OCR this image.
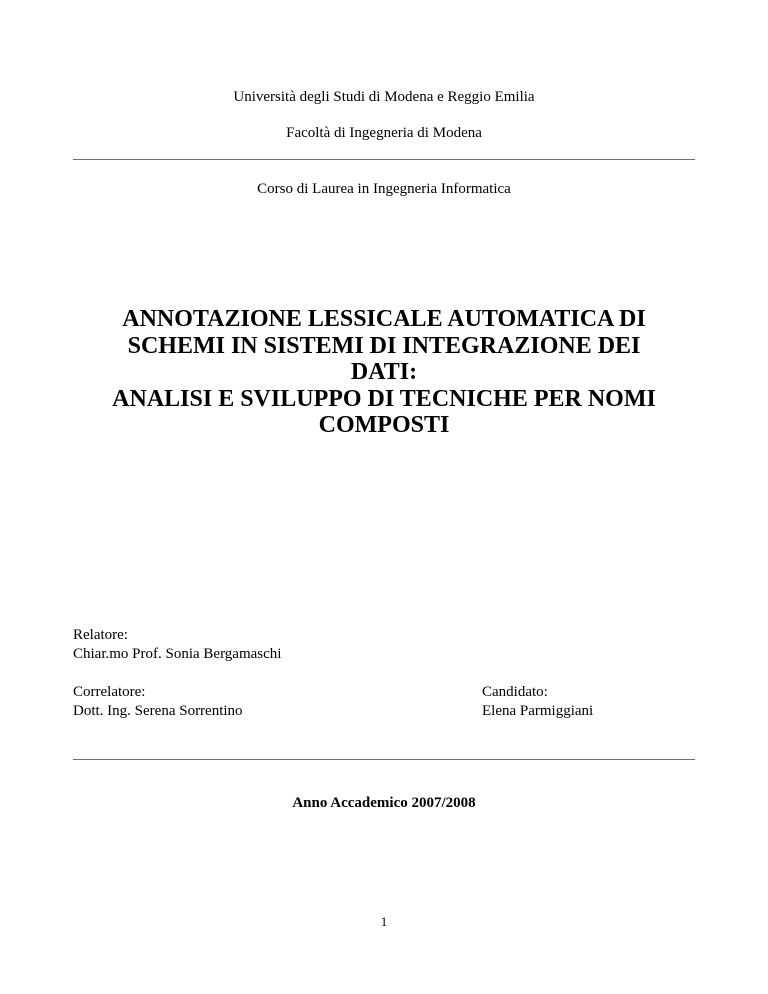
Università degli Studi di Modena e Reggio Emilia
Facoltà di Ingegneria di Modena
Corso di Laurea in Ingegneria Informatica
ANNOTAZIONE LESSICALE AUTOMATICA DI
SCHEMI IN SISTEMI DI INTEGRAZIONE DEI
DATI:
ANALISI E SVILUPPO DI TECNICHE PER NOMI
COMPOSTI
Relatore:
Chiar.mo Prof. Sonia Bergamaschi
Correlatore:
Dott. Ing. Serena Sorrentino
Candidato:
Elena Parmiggiani
Anno Accademico 2007/2008
1
